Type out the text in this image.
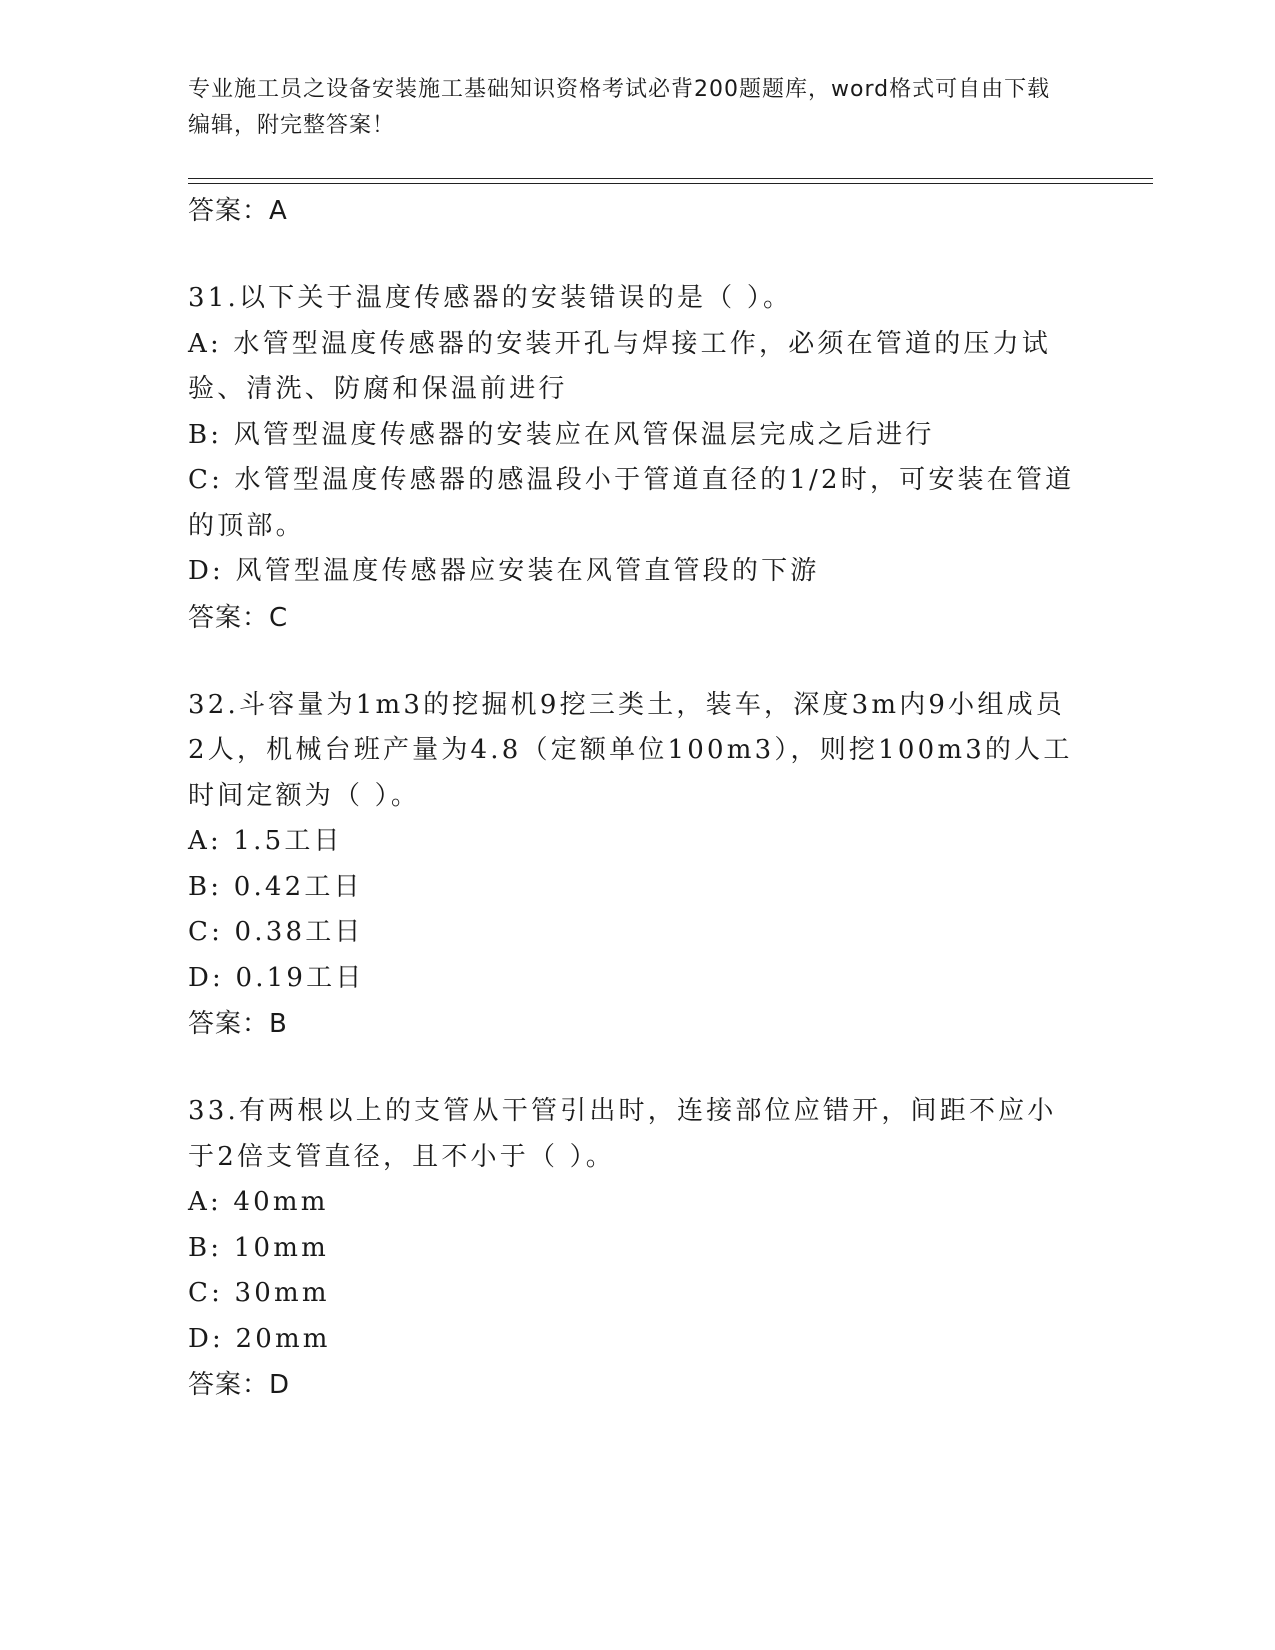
专业施工员之设备安装施工基础知识资格考试必背200题题库，word格式可自由下载编辑，附完整答案！
答案：A
31.以下关于温度传感器的安装错误的是（ ）。
A: 水管型温度传感器的安装开孔与焊接工作，必须在管道的压力试验、清洗、防腐和保温前进行
B: 风管型温度传感器的安装应在风管保温层完成之后进行
C: 水管型温度传感器的感温段小于管道直径的1/2时，可安装在管道的顶部。
D: 风管型温度传感器应安装在风管直管段的下游
答案：C
32.斗容量为1m3的挖掘机9挖三类土，装车，深度3m内9小组成员2人，机械台班产量为4.8（定额单位100m3），则挖100m3的人工时间定额为（ ）。
A: 1.5工日
B: 0.42工日
C: 0.38工日
D: 0.19工日
答案：B
33.有两根以上的支管从干管引出时，连接部位应错开，间距不应小于2倍支管直径，且不小于（ ）。
A: 40mm
B: 10mm
C: 30mm
D: 20mm
答案：D
